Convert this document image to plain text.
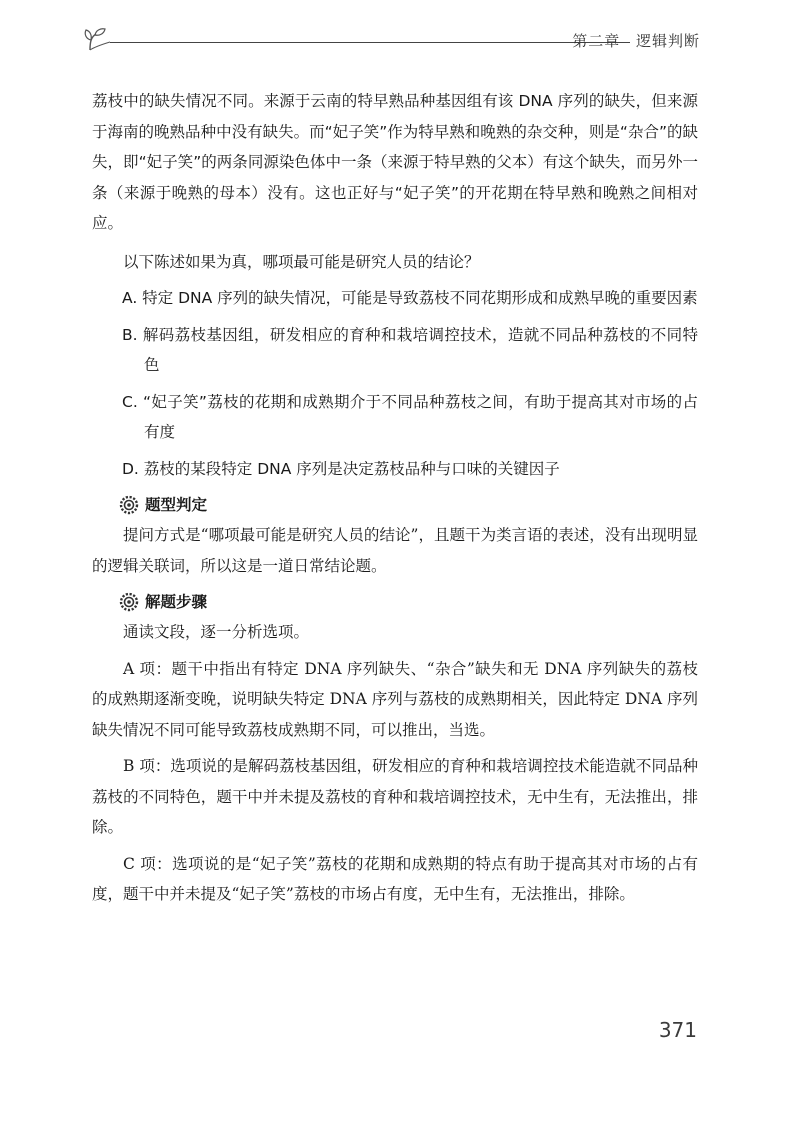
第二章 逻辑判断

荔枝中的缺失情况不同。来源于云南的特早熟品种基因组有该 DNA 序列的缺失，但来源于海南的晚熟品种中没有缺失。而“妃子笑”作为特早熟和晚熟的杂交种，则是“杂合”的缺失，即“妃子笑”的两条同源染色体中一条（来源于特早熟的父本）有这个缺失，而另外一条（来源于晚熟的母本）没有。这也正好与“妃子笑”的开花期在特早熟和晚熟之间相对应。

以下陈述如果为真，哪项最可能是研究人员的结论？

A. 特定 DNA 序列的缺失情况，可能是导致荔枝不同花期形成和成熟早晚的重要因素

B. 解码荔枝基因组，研发相应的育种和栽培调控技术，造就不同品种荔枝的不同特色

C. “妃子笑”荔枝的花期和成熟期介于不同品种荔枝之间，有助于提高其对市场的占有度

D. 荔枝的某段特定 DNA 序列是决定荔枝品种与口味的关键因子

题型判定

提问方式是“哪项最可能是研究人员的结论”，且题干为类言语的表述，没有出现明显的逻辑关联词，所以这是一道日常结论题。

解题步骤

通读文段，逐一分析选项。

A 项：题干中指出有特定 DNA 序列缺失、“杂合”缺失和无 DNA 序列缺失的荔枝的成熟期逐渐变晚，说明缺失特定 DNA 序列与荔枝的成熟期相关，因此特定 DNA 序列缺失情况不同可能导致荔枝成熟期不同，可以推出，当选。

B 项：选项说的是解码荔枝基因组，研发相应的育种和栽培调控技术能造就不同品种荔枝的不同特色，题干中并未提及荔枝的育种和栽培调控技术，无中生有，无法推出，排除。

C 项：选项说的是“妃子笑”荔枝的花期和成熟期的特点有助于提高其对市场的占有度，题干中并未提及“妃子笑”荔枝的市场占有度，无中生有，无法推出，排除。

371
